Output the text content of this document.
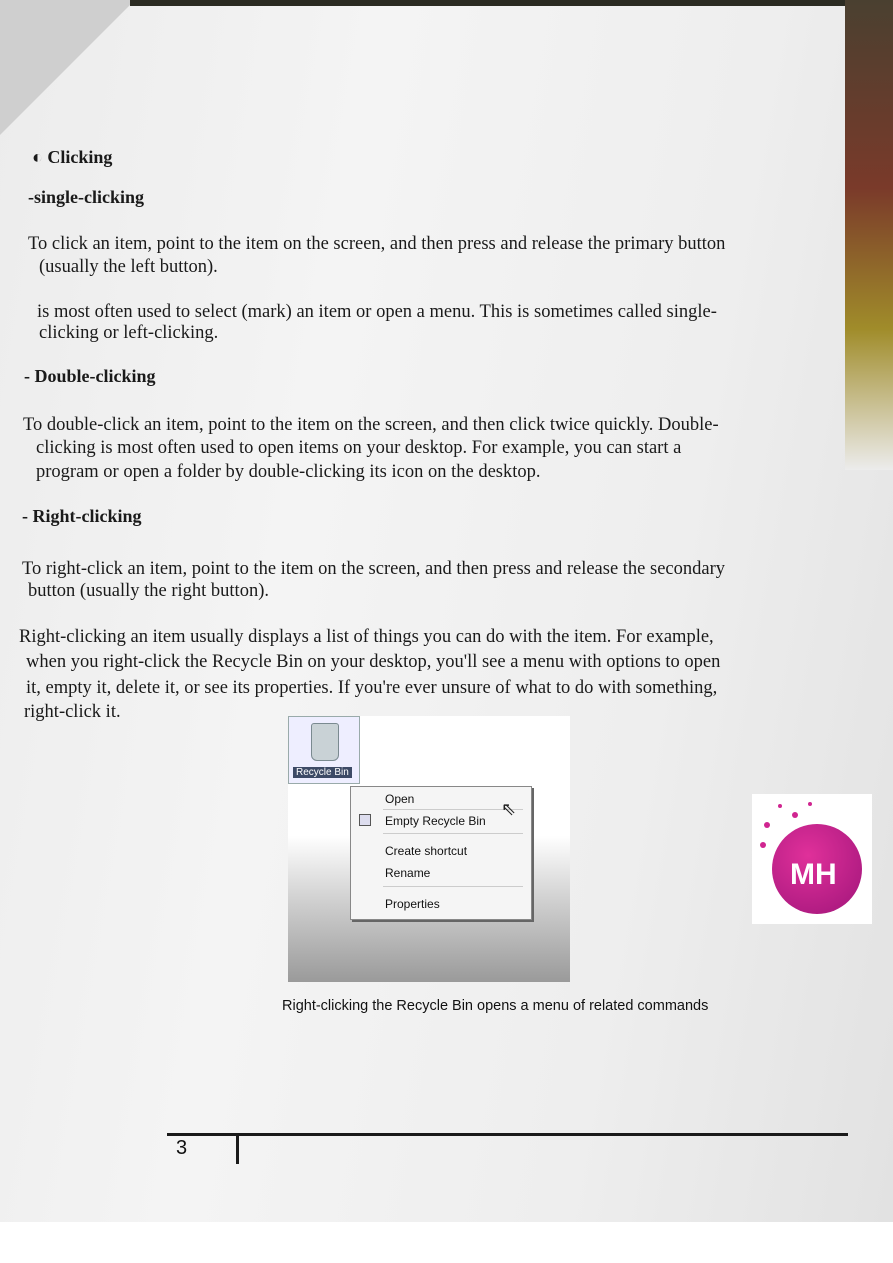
◐ Clicking
-single-clicking
To click an item, point to the item on the screen, and then press and release the primary button
(usually the left button).
is most often used to select (mark) an item or open a menu. This is sometimes called single-
clicking or left-clicking.
- Double-clicking
To double-click an item, point to the item on the screen, and then click twice quickly. Double-
clicking is most often used to open items on your desktop. For example, you can start a
program or open a folder by double-clicking its icon on the desktop.
- Right-clicking
To right-click an item, point to the item on the screen, and then press and release the secondary
button (usually the right button).
Right-clicking an item usually displays a list of things you can do with the item. For example,
when you right-click the Recycle Bin on your desktop, you'll see a menu with options to open
it, empty it, delete it, or see its properties. If you're ever unsure of what to do with something,
right-click it.
Recycle Bin
Open
Empty Recycle Bin
Create shortcut
Rename
Properties
⇖
Right-clicking the Recycle Bin opens a menu of related commands
MH
3
